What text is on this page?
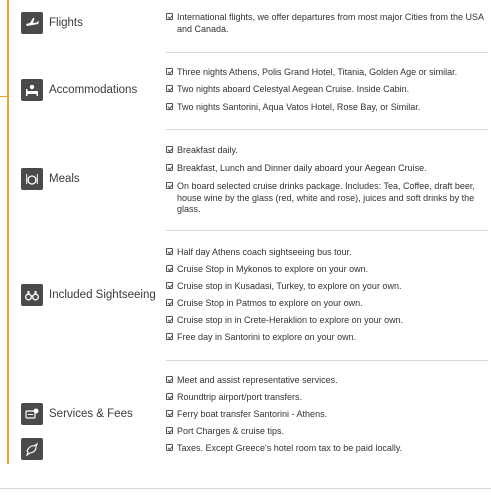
Flights	International flights, we offer departures from most major Cities from the USA and Canada.
Accommodations
Three nights Athens, Polis Grand Hotel, Titania, Golden Age or similar.
Two nights aboard Celestyal Aegean Cruise. Inside Cabin.
Two nights Santorini, Aqua Vatos Hotel, Rose Bay, or Similar.
Meals
Breakfast daily.
Breakfast, Lunch and Dinner daily aboard your Aegean Cruise.
On board selected cruise drinks package. Includes: Tea, Coffee, draft beer, house wine by the glass (red, white and rose), juices and soft drinks by the glass.
Included Sightseeing
Half day Athens coach sightseeing bus tour.
Cruise Stop in Mykonos to explore on your own.
Cruise stop in Kusadasi, Turkey, to explore on your own.
Cruise Stop in Patmos to explore on your own.
Cruise stop in in Crete-Heraklion to explore on your own.
Free day in Santorini to explore on your own.
Services & Fees
Meet and assist representative services.
Roundtrip airport/port transfers.
Ferry boat transfer Santorini - Athens.
Port Charges & cruise tips.
Taxes. Except Greece's hotel room tax to be paid locally.
